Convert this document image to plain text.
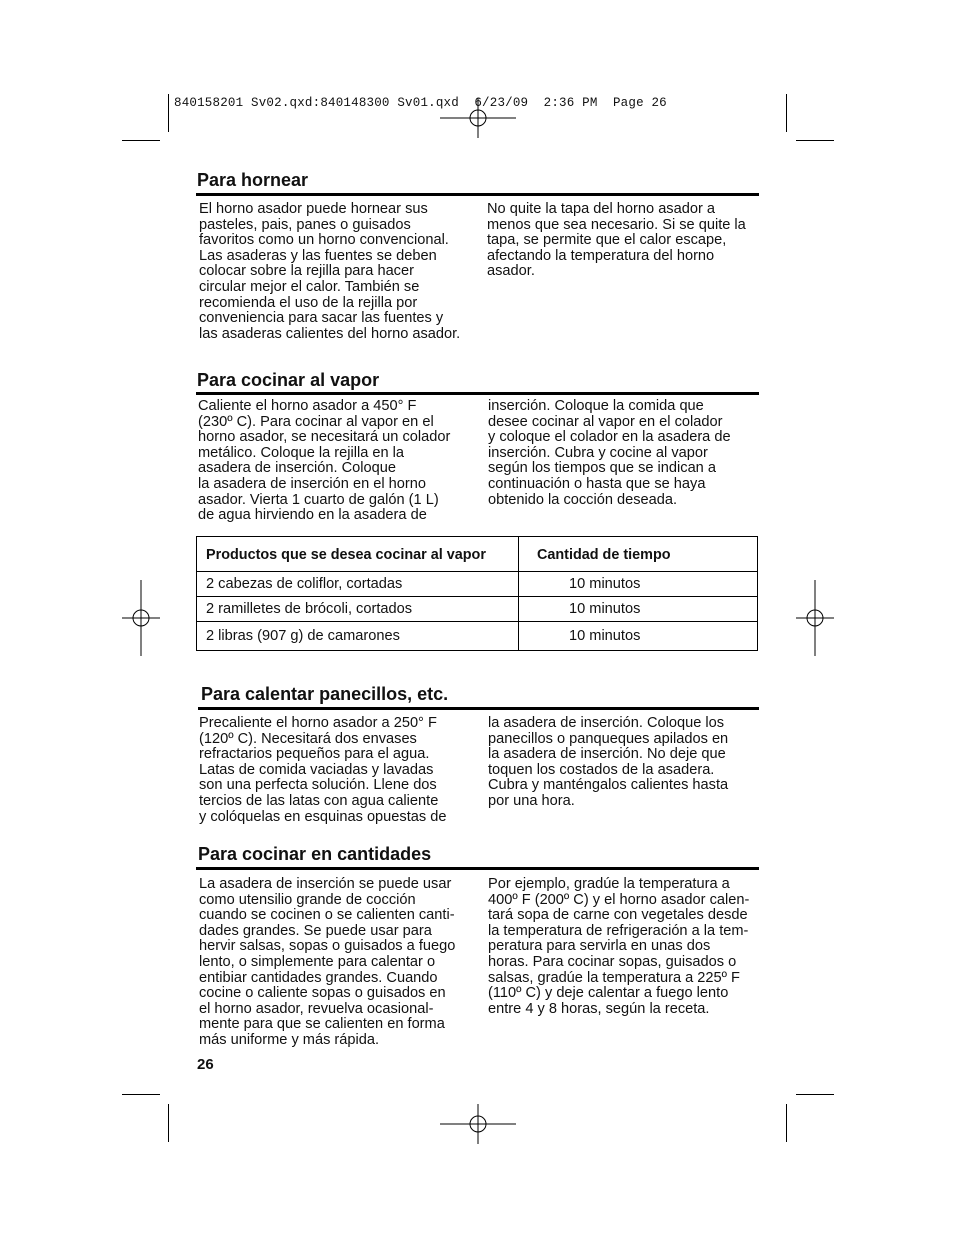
840158201 Sv02.qxd:840148300 Sv01.qxd  6/23/09  2:36 PM  Page 26
Para hornear

El horno asador puede hornear sus
pasteles, pais, panes o guisados
favoritos como un horno convencional.
Las asaderas y las fuentes se deben
colocar sobre la rejilla para hacer
circular mejor el calor. También se
recomienda el uso de la rejilla por
conveniencia para sacar las fuentes y
las asaderas calientes del horno asador.

No quite la tapa del horno asador a
menos que sea necesario. Si se quite la
tapa, se permite que el calor escape,
afectando la temperatura del horno
asador.

Para cocinar al vapor

Caliente el horno asador a 450° F
(230º C). Para cocinar al vapor en el
horno asador, se necesitará un colador
metálico. Coloque la rejilla en la
asadera de inserción. Coloque
la asadera de inserción en el horno
asador. Vierta 1 cuarto de galón (1 L)
de agua hirviendo en la asadera de

inserción. Coloque la comida que
desee cocinar al vapor en el colador
y coloque el colador en la asadera de
inserción. Cubra y cocine al vapor
según los tiempos que se indican a
continuación o hasta que se haya
obtenido la cocción deseada.

Productos que se desea cocinar al vapor	Cantidad de tiempo
2 cabezas de coliflor, cortadas	10 minutos
2 ramilletes de brócoli, cortados	10 minutos
2 libras (907 g) de camarones	10 minutos
Para calentar panecillos, etc.

Precaliente el horno asador a 250° F
(120º C). Necesitará dos envases
refractarios pequeños para el agua.
Latas de comida vaciadas y lavadas
son una perfecta solución. Llene dos
tercios de las latas con agua caliente
y colóquelas en esquinas opuestas de

la asadera de inserción. Coloque los
panecillos o panqueques apilados en
la asadera de inserción. No deje que
toquen los costados de la asadera.
Cubra y manténgalos calientes hasta
por una hora.

Para cocinar en cantidades

La asadera de inserción se puede usar
como utensilio grande de cocción
cuando se cocinen o se calienten canti-
dades grandes. Se puede usar para
hervir salsas, sopas o guisados a fuego
lento, o simplemente para calentar o
entibiar cantidades grandes. Cuando
cocine o caliente sopas o guisados en
el horno asador, revuelva ocasional-
mente para que se calienten en forma
más uniforme y más rápida.

Por ejemplo, gradúe la temperatura a
400º F (200º C) y el horno asador calen-
tará sopa de carne con vegetales desde
la temperatura de refrigeración a la tem-
peratura para servirla en unas dos
horas. Para cocinar sopas, guisados o
salsas, gradúe la temperatura a 225º F
(110º C) y deje calentar a fuego lento
entre 4 y 8 horas, según la receta.

26
